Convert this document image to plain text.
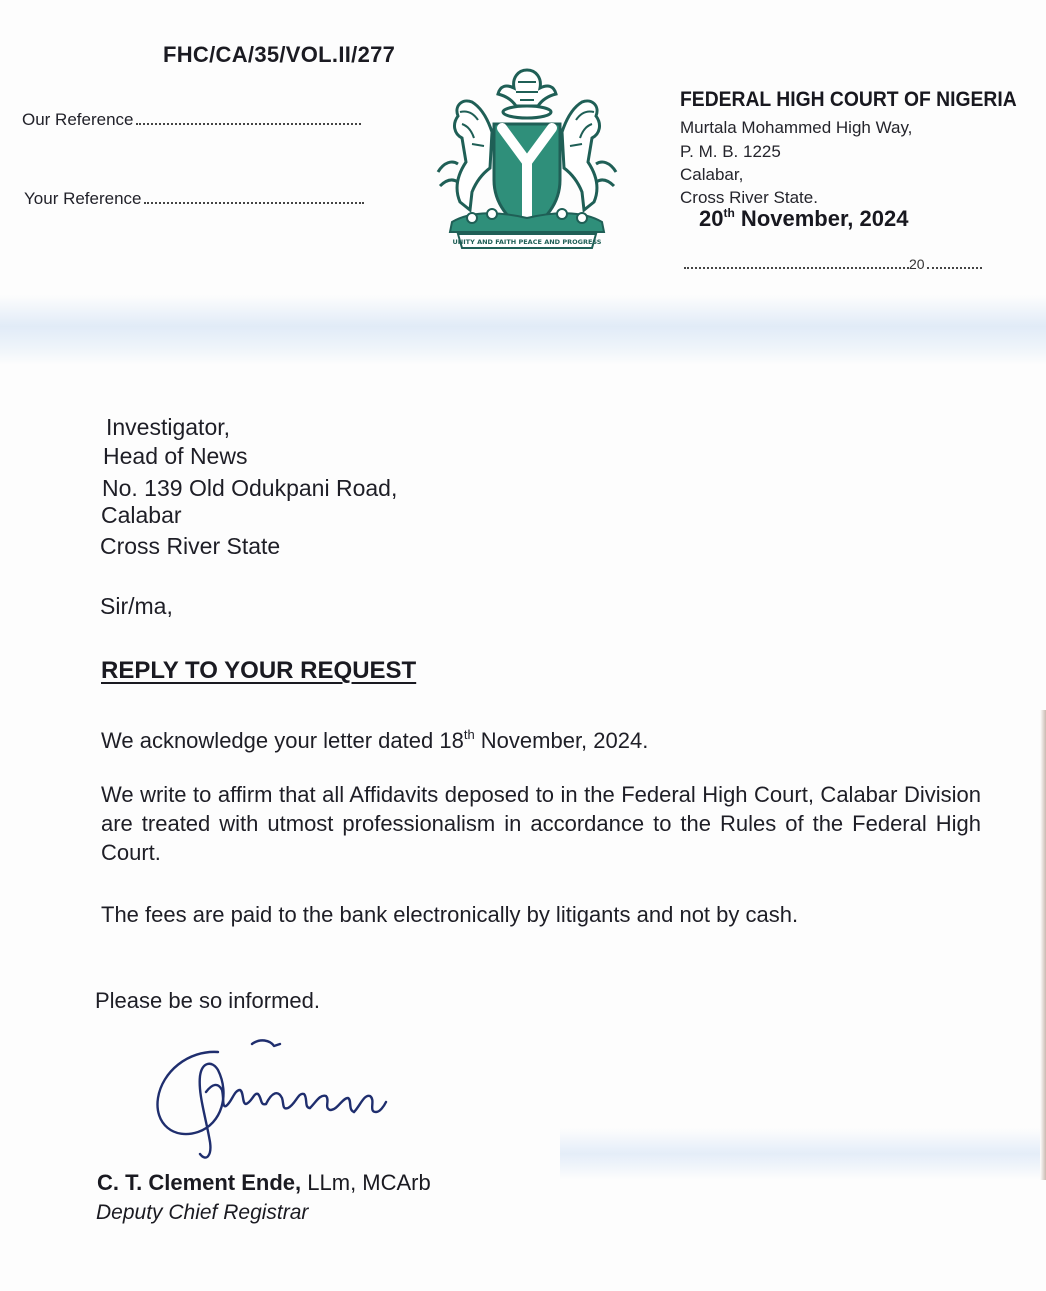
FHC/CA/35/VOL.II/277
Our Reference
Your Reference
UNITY AND FAITH PEACE AND PROGRESS
FEDERAL HIGH COURT OF NIGERIA
Murtala Mohammed High Way,
P. M. B. 1225
Calabar,
Cross River State.
20th November, 2024
20
Investigator,
Head of News
No. 139 Old Odukpani Road,
Calabar
Cross River State
Sir/ma,
REPLY TO YOUR REQUEST
We acknowledge your letter dated 18th November, 2024.
We write to affirm that all Affidavits deposed to in the Federal High Court, Calabar Division are treated with utmost professionalism in accordance to the Rules of the Federal High Court.
The fees are paid to the bank electronically by litigants and not by cash.
Please be so informed.
C. T. Clement Ende, LLm, MCArb
Deputy Chief Registrar
